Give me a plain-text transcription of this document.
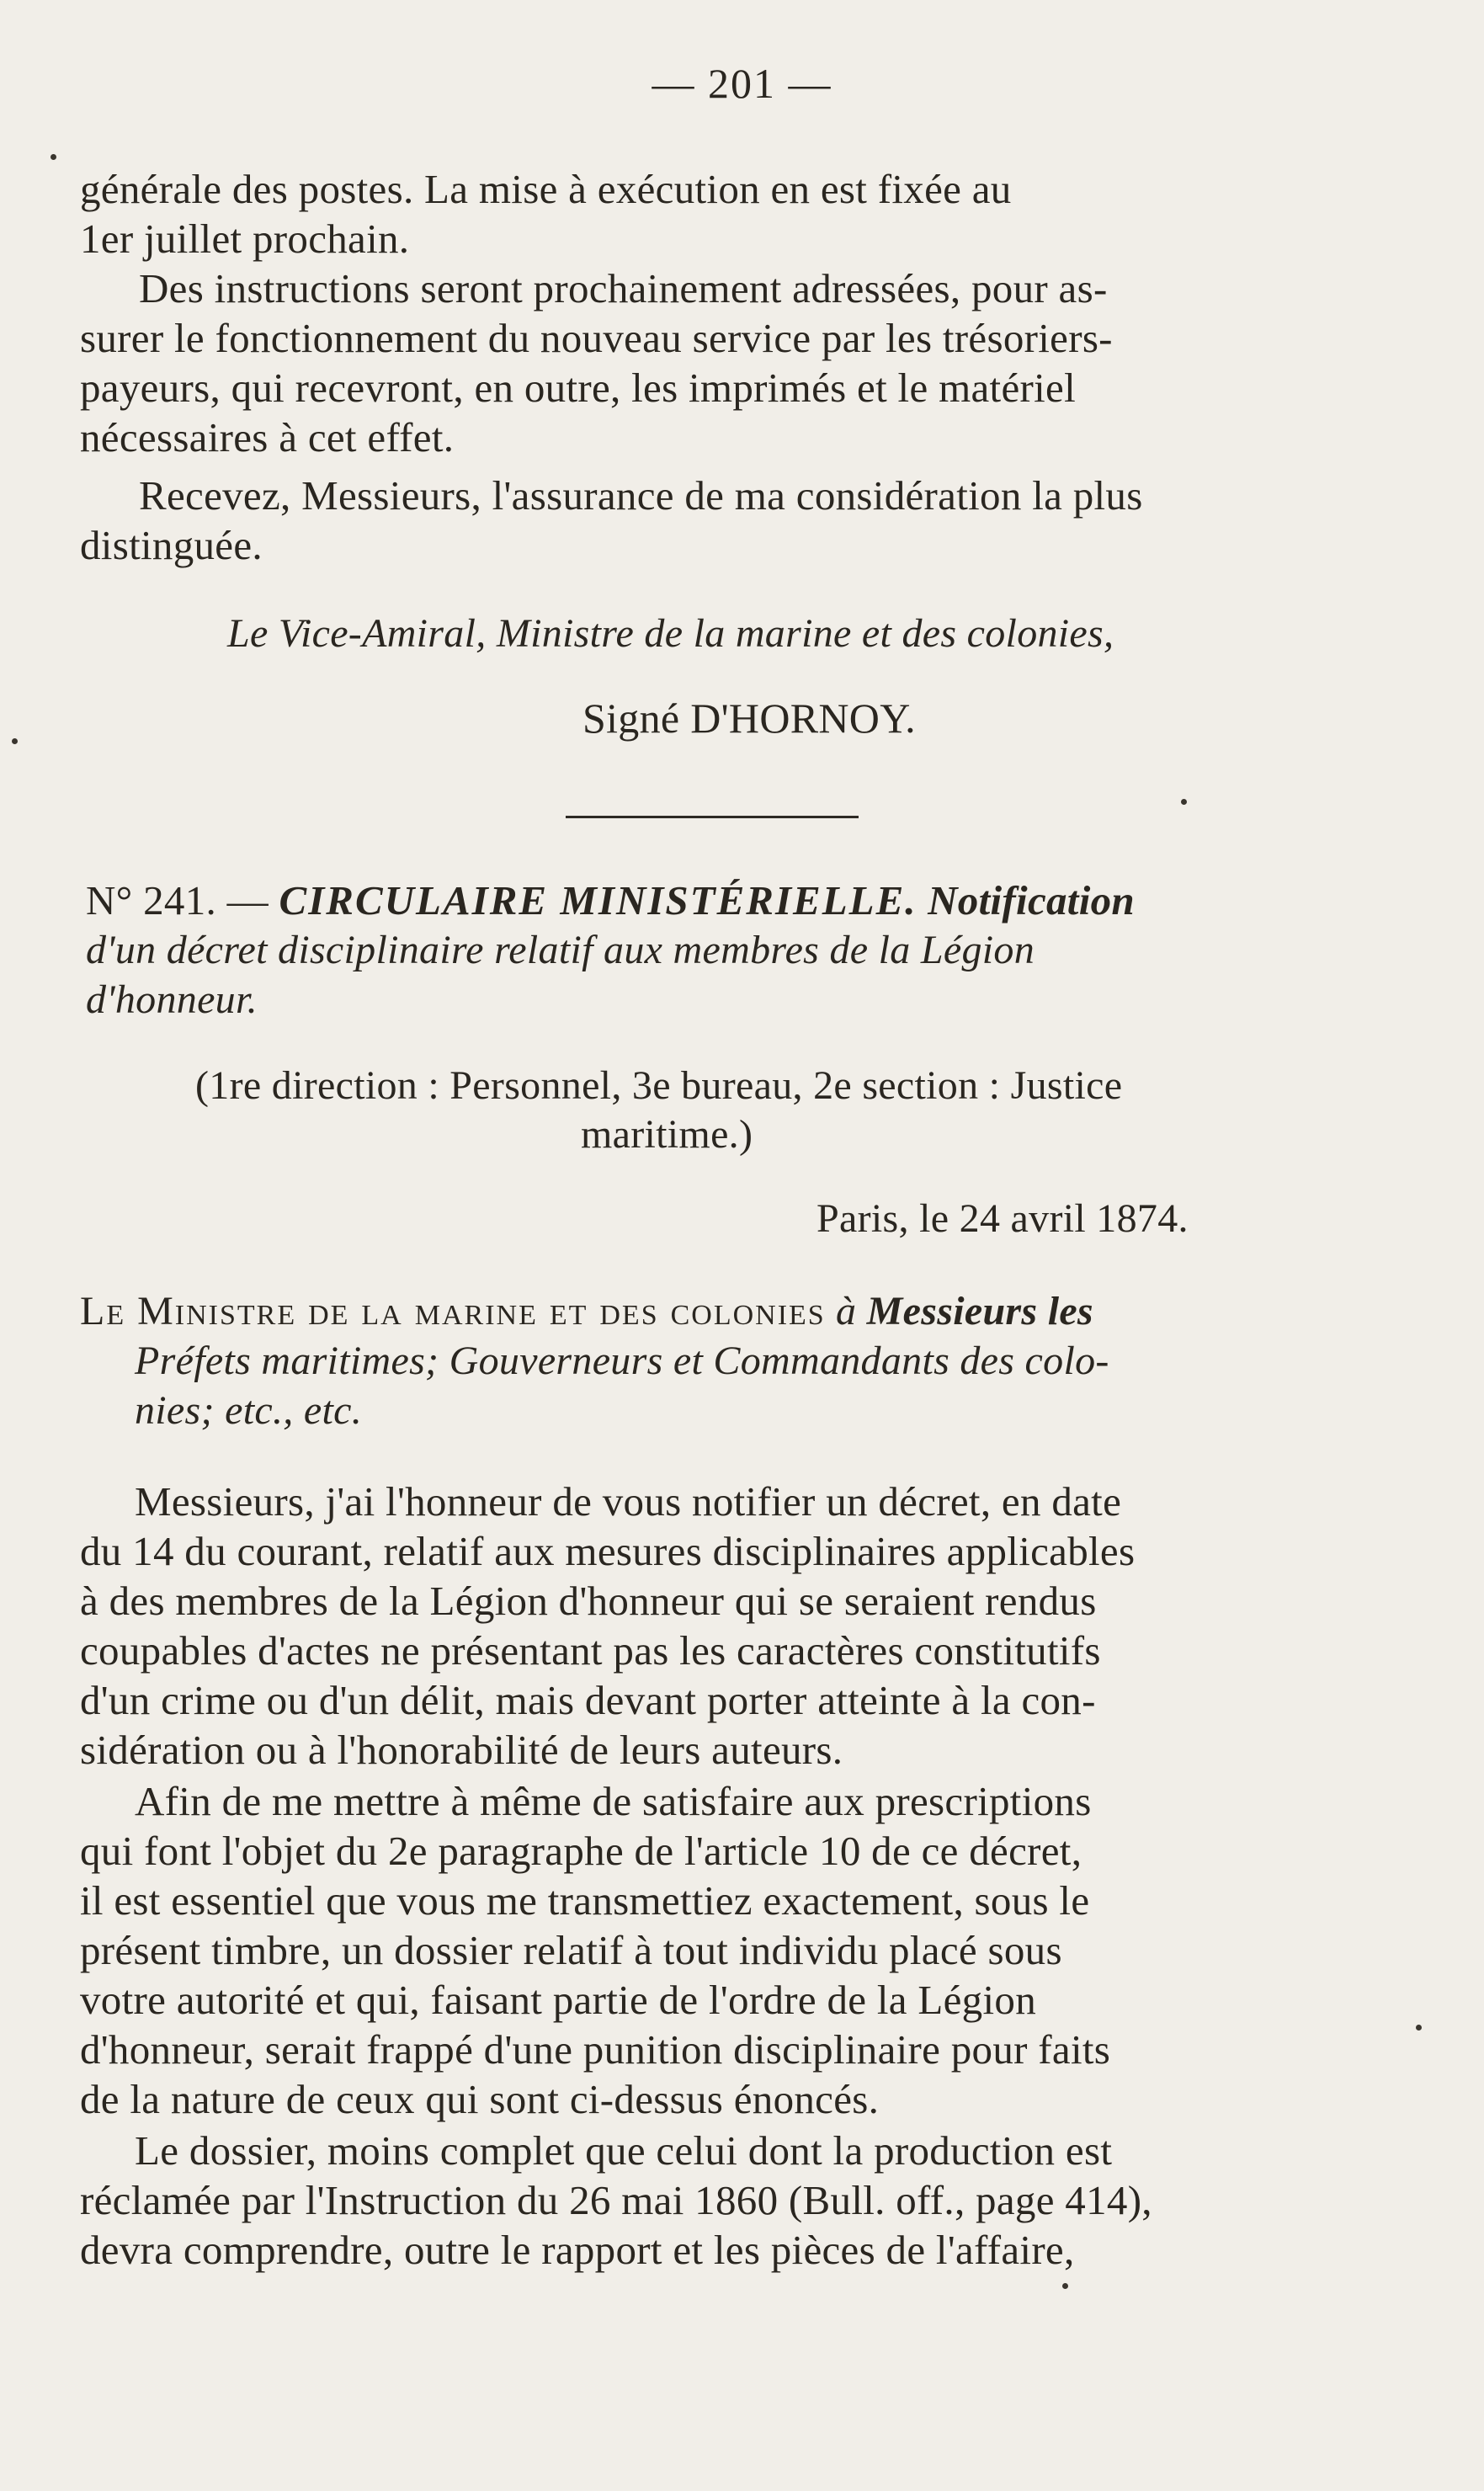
— 201 —
générale des postes. La mise à exécution en est fixée au
1er juillet prochain.
Des instructions seront prochainement adressées, pour as-
surer le fonctionnement du nouveau service par les trésoriers-
payeurs, qui recevront, en outre, les imprimés et le matériel
nécessaires à cet effet.
Recevez, Messieurs, l'assurance de ma considération la plus
distinguée.
Le Vice-Amiral, Ministre de la marine et des colonies,
Signé D'HORNOY.
N° 241. — CIRCULAIRE MINISTÉRIELLE. Notification
d'un décret disciplinaire relatif aux membres de la Légion
d'honneur.
(1re direction : Personnel, 3e bureau, 2e section : Justice
maritime.)
Paris, le 24 avril 1874.
Le Ministre de la marine et des colonies à Messieurs les
Préfets maritimes; Gouverneurs et Commandants des colo-
nies; etc., etc.
Messieurs, j'ai l'honneur de vous notifier un décret, en date
du 14 du courant, relatif aux mesures disciplinaires applicables
à des membres de la Légion d'honneur qui se seraient rendus
coupables d'actes ne présentant pas les caractères constitutifs
d'un crime ou d'un délit, mais devant porter atteinte à la con-
sidération ou à l'honorabilité de leurs auteurs.
Afin de me mettre à même de satisfaire aux prescriptions
qui font l'objet du 2e paragraphe de l'article 10 de ce décret,
il est essentiel que vous me transmettiez exactement, sous le
présent timbre, un dossier relatif à tout individu placé sous
votre autorité et qui, faisant partie de l'ordre de la Légion
d'honneur, serait frappé d'une punition disciplinaire pour faits
de la nature de ceux qui sont ci-dessus énoncés.
Le dossier, moins complet que celui dont la production est
réclamée par l'Instruction du 26 mai 1860 (Bull. off., page 414),
devra comprendre, outre le rapport et les pièces de l'affaire,
